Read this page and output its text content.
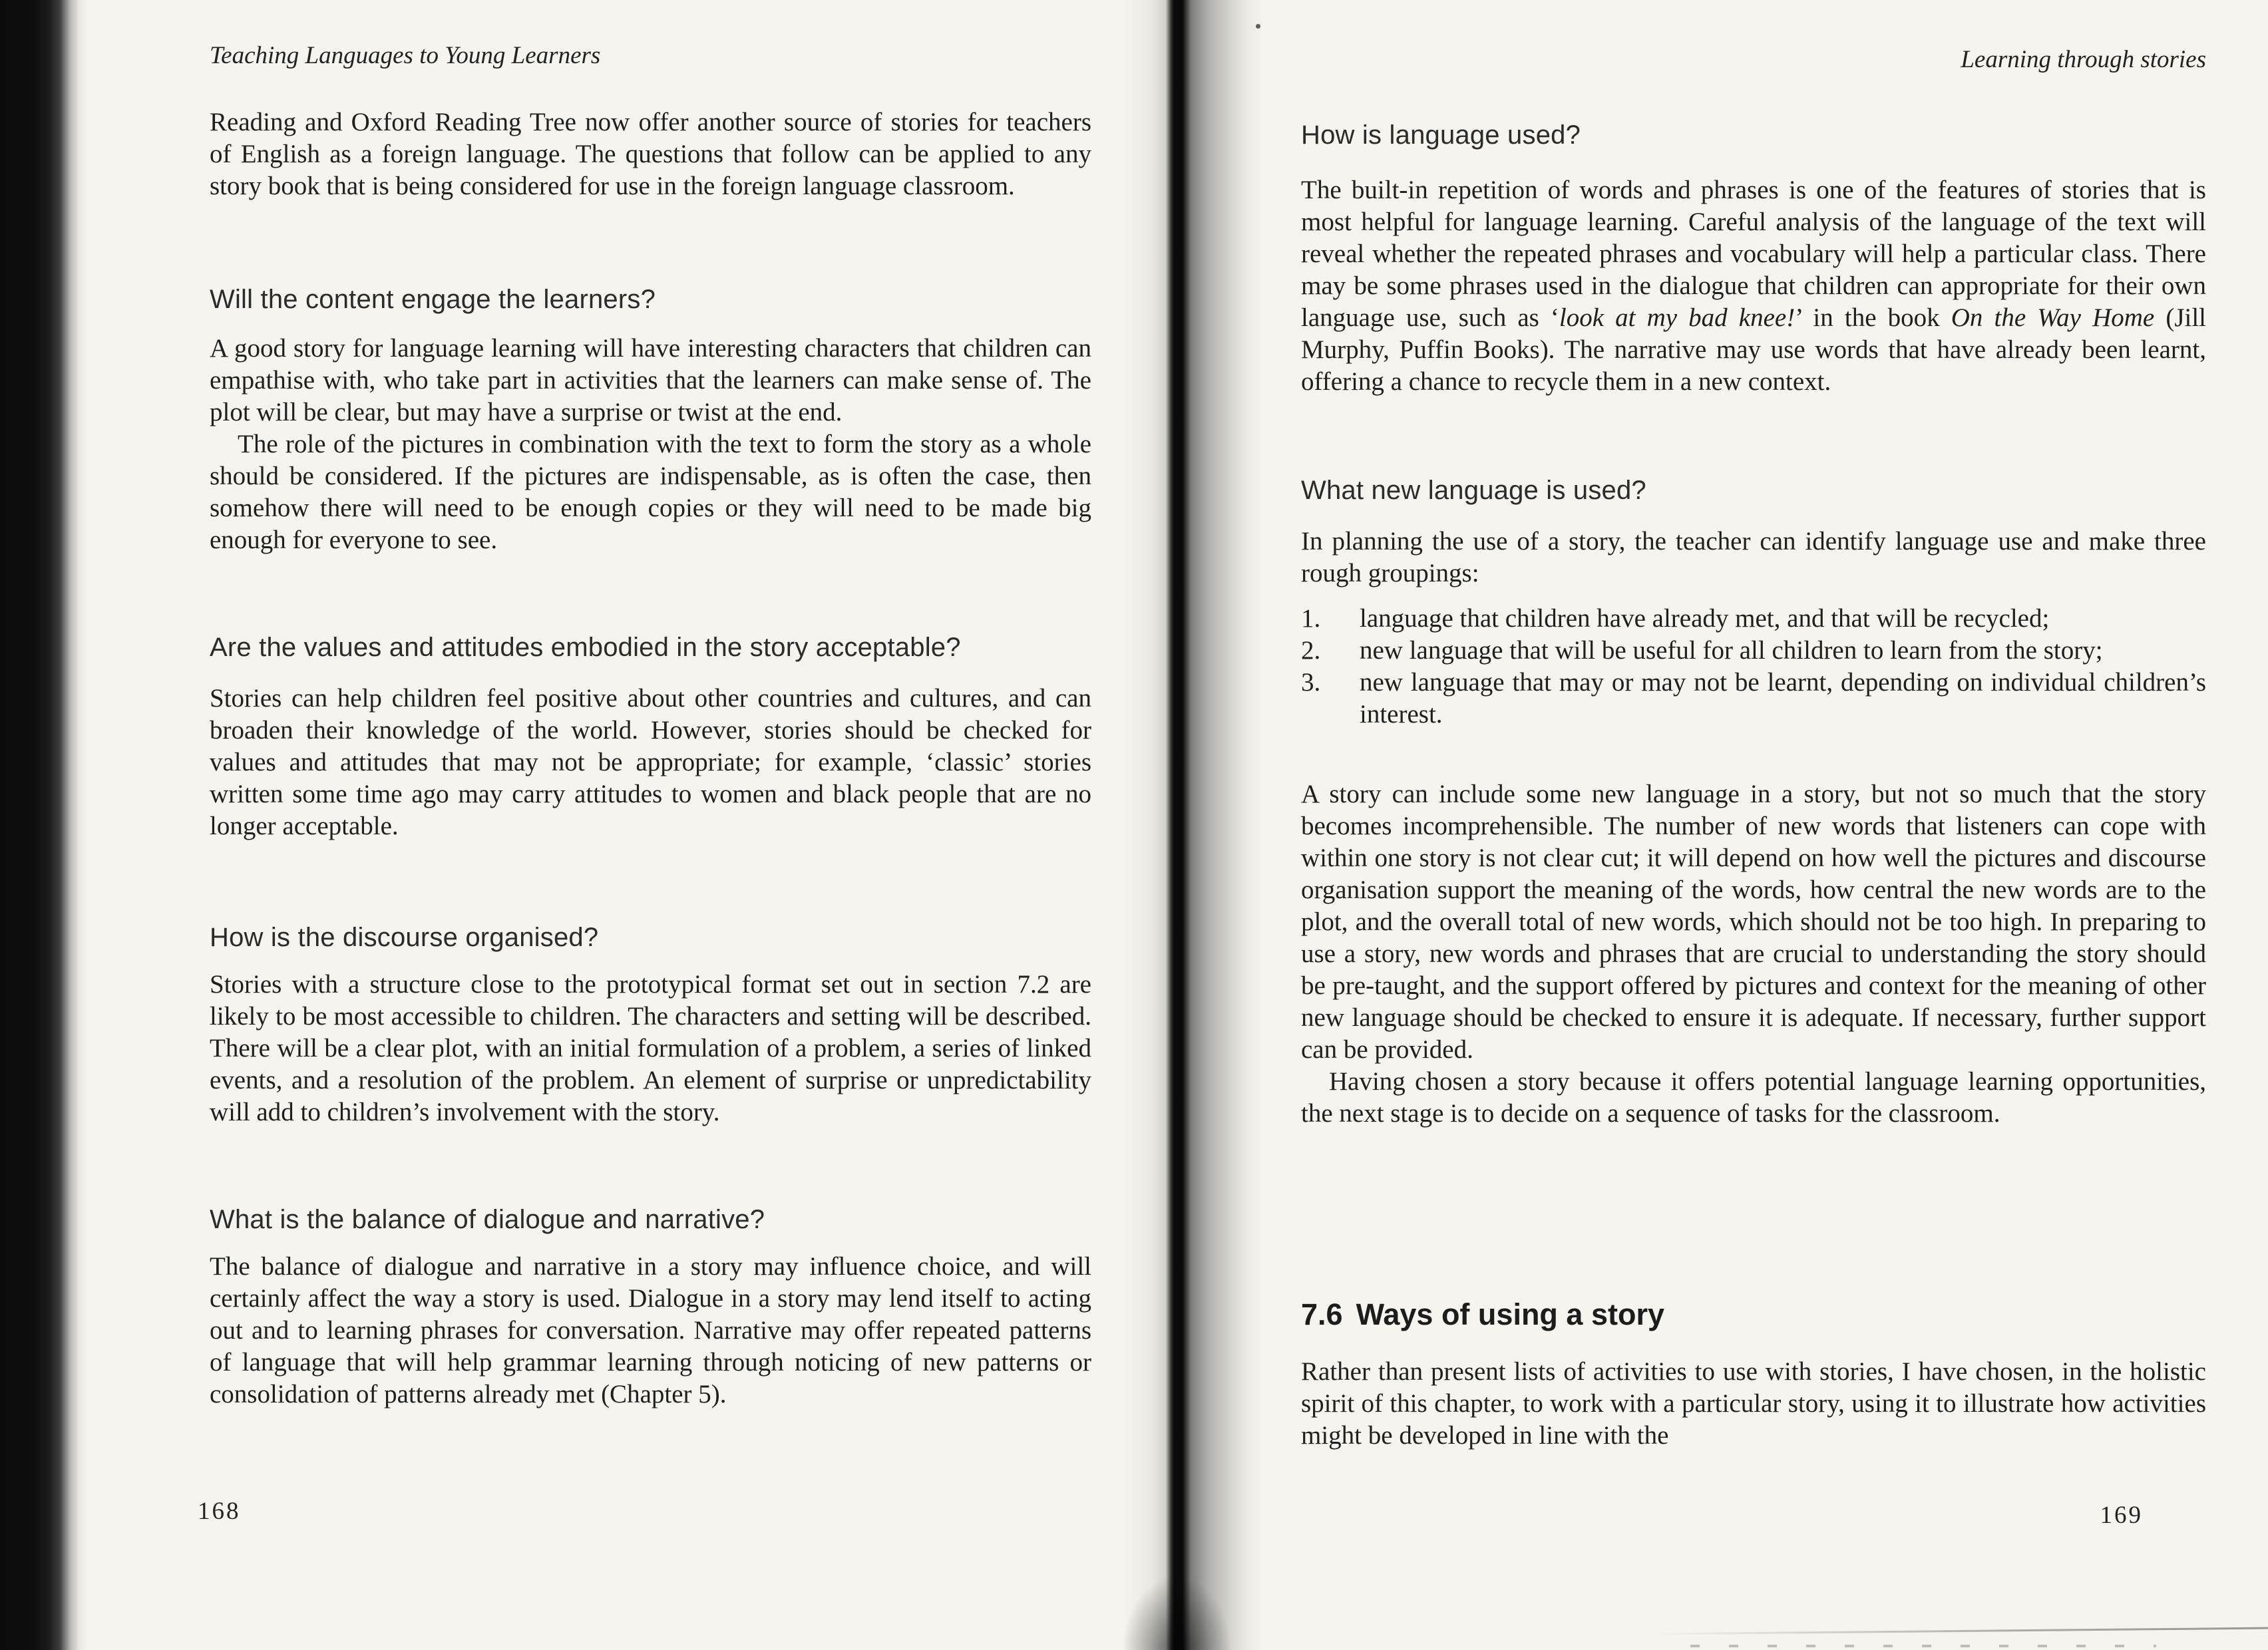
Teaching Languages to Young Learners

Reading and Oxford Reading Tree now offer another source of stories for teachers of English as a foreign language. The questions that follow can be applied to any story book that is being considered for use in the foreign language classroom.

Will the content engage the learners?

A good story for language learning will have interesting characters that children can empathise with, who take part in activities that the learners can make sense of. The plot will be clear, but may have a surprise or twist at the end.

The role of the pictures in combination with the text to form the story as a whole should be considered. If the pictures are indispensable, as is often the case, then somehow there will need to be enough copies or they will need to be made big enough for everyone to see.

Are the values and attitudes embodied in the story acceptable?

Stories can help children feel positive about other countries and cultures, and can broaden their knowledge of the world. However, stories should be checked for values and attitudes that may not be appropriate; for example, ‘classic’ stories written some time ago may carry attitudes to women and black people that are no longer acceptable.

How is the discourse organised?

Stories with a structure close to the prototypical format set out in section 7.2 are likely to be most accessible to children. The characters and setting will be described. There will be a clear plot, with an initial formulation of a problem, a series of linked events, and a resolution of the problem. An element of surprise or unpredictability will add to children’s involvement with the story.

What is the balance of dialogue and narrative?

The balance of dialogue and narrative in a story may influence choice, and will certainly affect the way a story is used. Dialogue in a story may lend itself to acting out and to learning phrases for conversation. Narrative may offer repeated patterns of language that will help grammar learning through noticing of new patterns or consolidation of patterns already met (Chapter 5).

168
Learning through stories
How is language used?

The built-in repetition of words and phrases is one of the features of stories that is most helpful for language learning. Careful analysis of the language of the text will reveal whether the repeated phrases and vocabulary will help a particular class. There may be some phrases used in the dialogue that children can appropriate for their own language use, such as ‘look at my bad knee!’ in the book On the Way Home (Jill Murphy, Puffin Books). The narrative may use words that have already been learnt, offering a chance to recycle them in a new context.

What new language is used?

In planning the use of a story, the teacher can identify language use and make three rough groupings:

1.	language that children have already met, and that will be recycled;
2.	new language that will be useful for all children to learn from the story;
3.	new language that may or may not be learnt, depending on individual children’s interest.

A story can include some new language in a story, but not so much that the story becomes incomprehensible. The number of new words that listeners can cope with within one story is not clear cut; it will depend on how well the pictures and discourse organisation support the meaning of the words, how central the new words are to the plot, and the overall total of new words, which should not be too high. In preparing to use a story, new words and phrases that are crucial to understanding the story should be pre-taught, and the support offered by pictures and context for the meaning of other new language should be checked to ensure it is adequate. If necessary, further support can be provided.

Having chosen a story because it offers potential language learning opportunities, the next stage is to decide on a sequence of tasks for the classroom.

7.6 Ways of using a story

Rather than present lists of activities to use with stories, I have chosen, in the holistic spirit of this chapter, to work with a particular story, using it to illustrate how activities might be developed in line with the

169
